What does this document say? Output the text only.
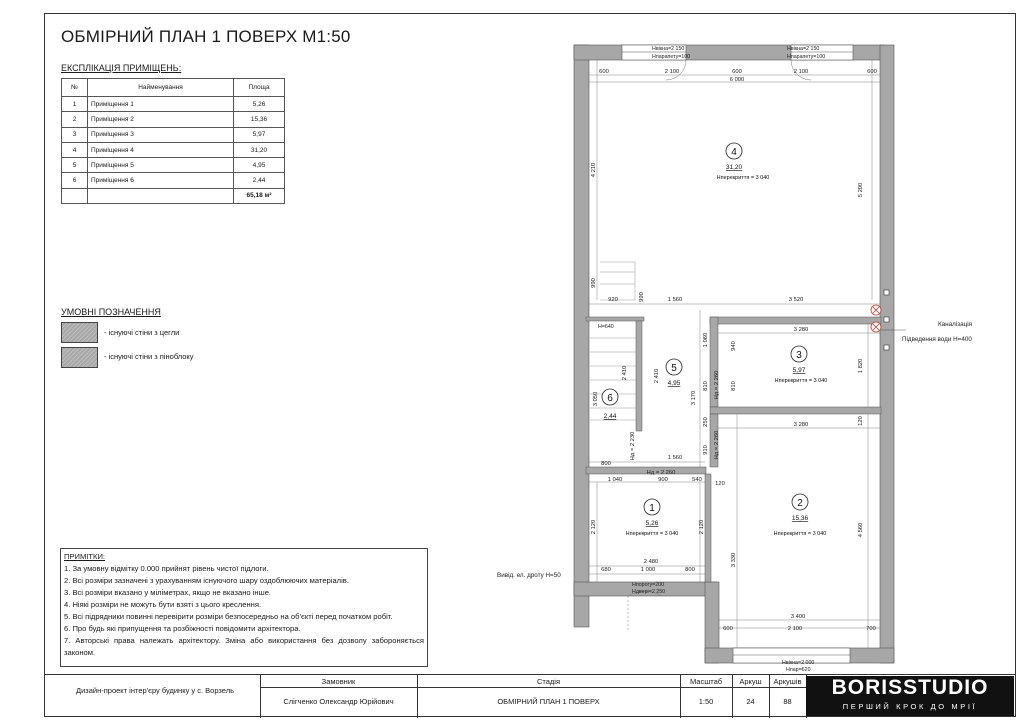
ОБМІРНИЙ ПЛАН 1 ПОВЕРХ М1:50
ЕКСПЛІКАЦІЯ ПРИМІЩЕНЬ:
№	Найменування	Площа
1	Приміщення 1	5,26
2	Приміщення 2	15,36
3	Приміщення 3	5,97
4	Приміщення 4	31,20
5	Приміщення 5	4,95
6	Приміщення 6	2,44
		65,18 м²
УМОВНІ ПОЗНАЧЕННЯ
- існуючі стіни з цегли
- існуючі стіни з піноблоку
ПРИМІТКИ:
1. За умовну відмітку 0.000 прийнят рівень чистої підлоги.
2. Всі розміри зазначені з урахуванням існуючого шару оздоблюючих матеріалів.
3. Всі розміри вказано у міліметрах, якщо не вказано інше.
4. Ніякі розміри не можуть бути взяті з цього креслення.
5. Всі підрядники повинні перевірити розміри безпосередньо на об'єкті перед початком робіт.
6. Про будь які припущення та розбіжності повідомити архітектора.
7. Авторські права належать архітектору. Зміна або використання без дозволу забороняється законом.
4
3
5
6
1	2
31,20
5,97
4,95
2,44
5,26
15,36
Hперекриття = 3 040
Hперекриття = 3 040
Hперекриття = 3 040	Hперекриття = 3 040
Hвікна=2 150
Hпарапету=100
Hвікна=2 150
Hпарапету=100
Hвікна=2 000
Hпар=620
Hпорогу=200
Hдвері=2 250
H=640	Каналізація
Підведення води H=400
Вивід. ел. дроту H=50
600	2 100	600	2 100	600
6 000
1 560	3 520
920
3 280
3 280
1 560
800
1 040	900	540
120
2 480
680	1 000	800
3 400
600	2 100	700
Hд = 2 260
4 210
5 200
990
990
1 060	940
1 820
2 410	2 410
3 050	3 170
810	810
250
910
120
2 120	2 120
3 330
4 560
Hд = 2 260
Hд = 2 260
Hд = 2 230
Дизайн-проект інтер'єру будинку у с. Ворзель
Замовник
Слігченко Олександр Юрійович
Стадія
ОБМІРНИЙ ПЛАН 1 ПОВЕРХ
Масштаб
1:50
Аркуш
24
Аркушів
88
BORISSTUDIO
ПЕРШИЙ КРОК ДО МРІЇ
